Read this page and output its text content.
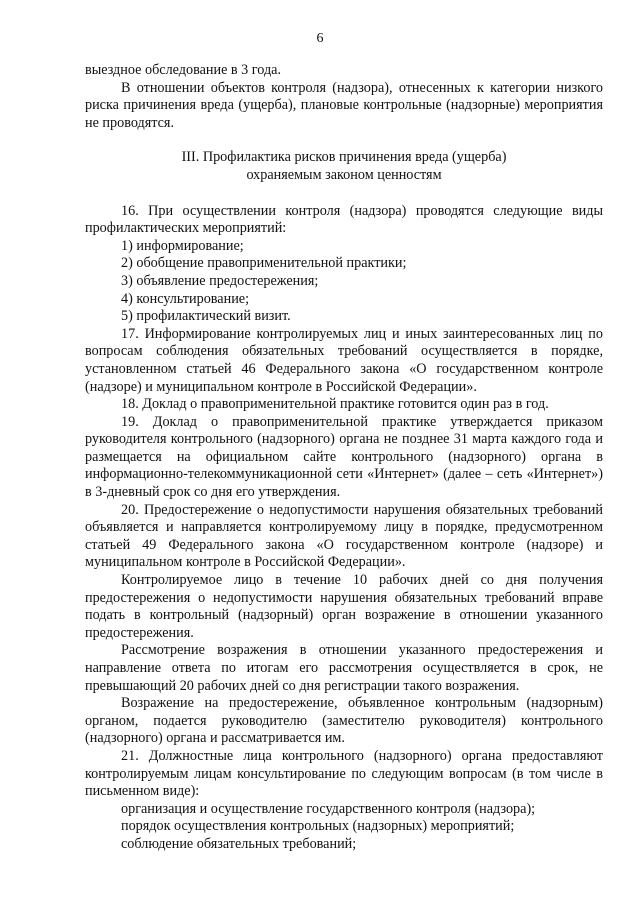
6

выездное обследование в 3 года.

В отношении объектов контроля (надзора), отнесенных к категории низкого риска причинения вреда (ущерба), плановые контрольные (надзорные) мероприятия не проводятся.

III. Профилактика рисков причинения вреда (ущерба)
охраняемым законом ценностям

16. При осуществлении контроля (надзора) проводятся следующие виды профилактических мероприятий:

1) информирование;

2) обобщение правоприменительной практики;

3) объявление предостережения;

4) консультирование;

5) профилактический визит.

17. Информирование контролируемых лиц и иных заинтересованных лиц по вопросам соблюдения обязательных требований осуществляется в порядке, установленном статьей 46 Федерального закона «О государственном контроле (надзоре) и муниципальном контроле в Российской Федерации».

18. Доклад о правоприменительной практике готовится один раз в год.

19. Доклад о правоприменительной практике утверждается приказом руководителя контрольного (надзорного) органа не позднее 31 марта каждого года и размещается на официальном сайте контрольного (надзорного) органа в информационно-телекоммуникационной сети «Интернет» (далее – сеть «Интернет») в 3-дневный срок со дня его утверждения.

20. Предостережение о недопустимости нарушения обязательных требований объявляется и направляется контролируемому лицу в порядке, предусмотренном статьей 49 Федерального закона «О государственном контроле (надзоре) и муниципальном контроле в Российской Федерации».

Контролируемое лицо в течение 10 рабочих дней со дня получения предостережения о недопустимости нарушения обязательных требований вправе подать в контрольный (надзорный) орган возражение в отношении указанного предостережения.

Рассмотрение возражения в отношении указанного предостережения и направление ответа по итогам его рассмотрения осуществляется в срок, не превышающий 20 рабочих дней со дня регистрации такого возражения.

Возражение на предостережение, объявленное контрольным (надзорным) органом, подается руководителю (заместителю руководителя) контрольного (надзорного) органа и рассматривается им.

21. Должностные лица контрольного (надзорного) органа предоставляют контролируемым лицам консультирование по следующим вопросам (в том числе в письменном виде):

организация и осуществление государственного контроля (надзора);

порядок осуществления контрольных (надзорных) мероприятий;

соблюдение обязательных требований;
